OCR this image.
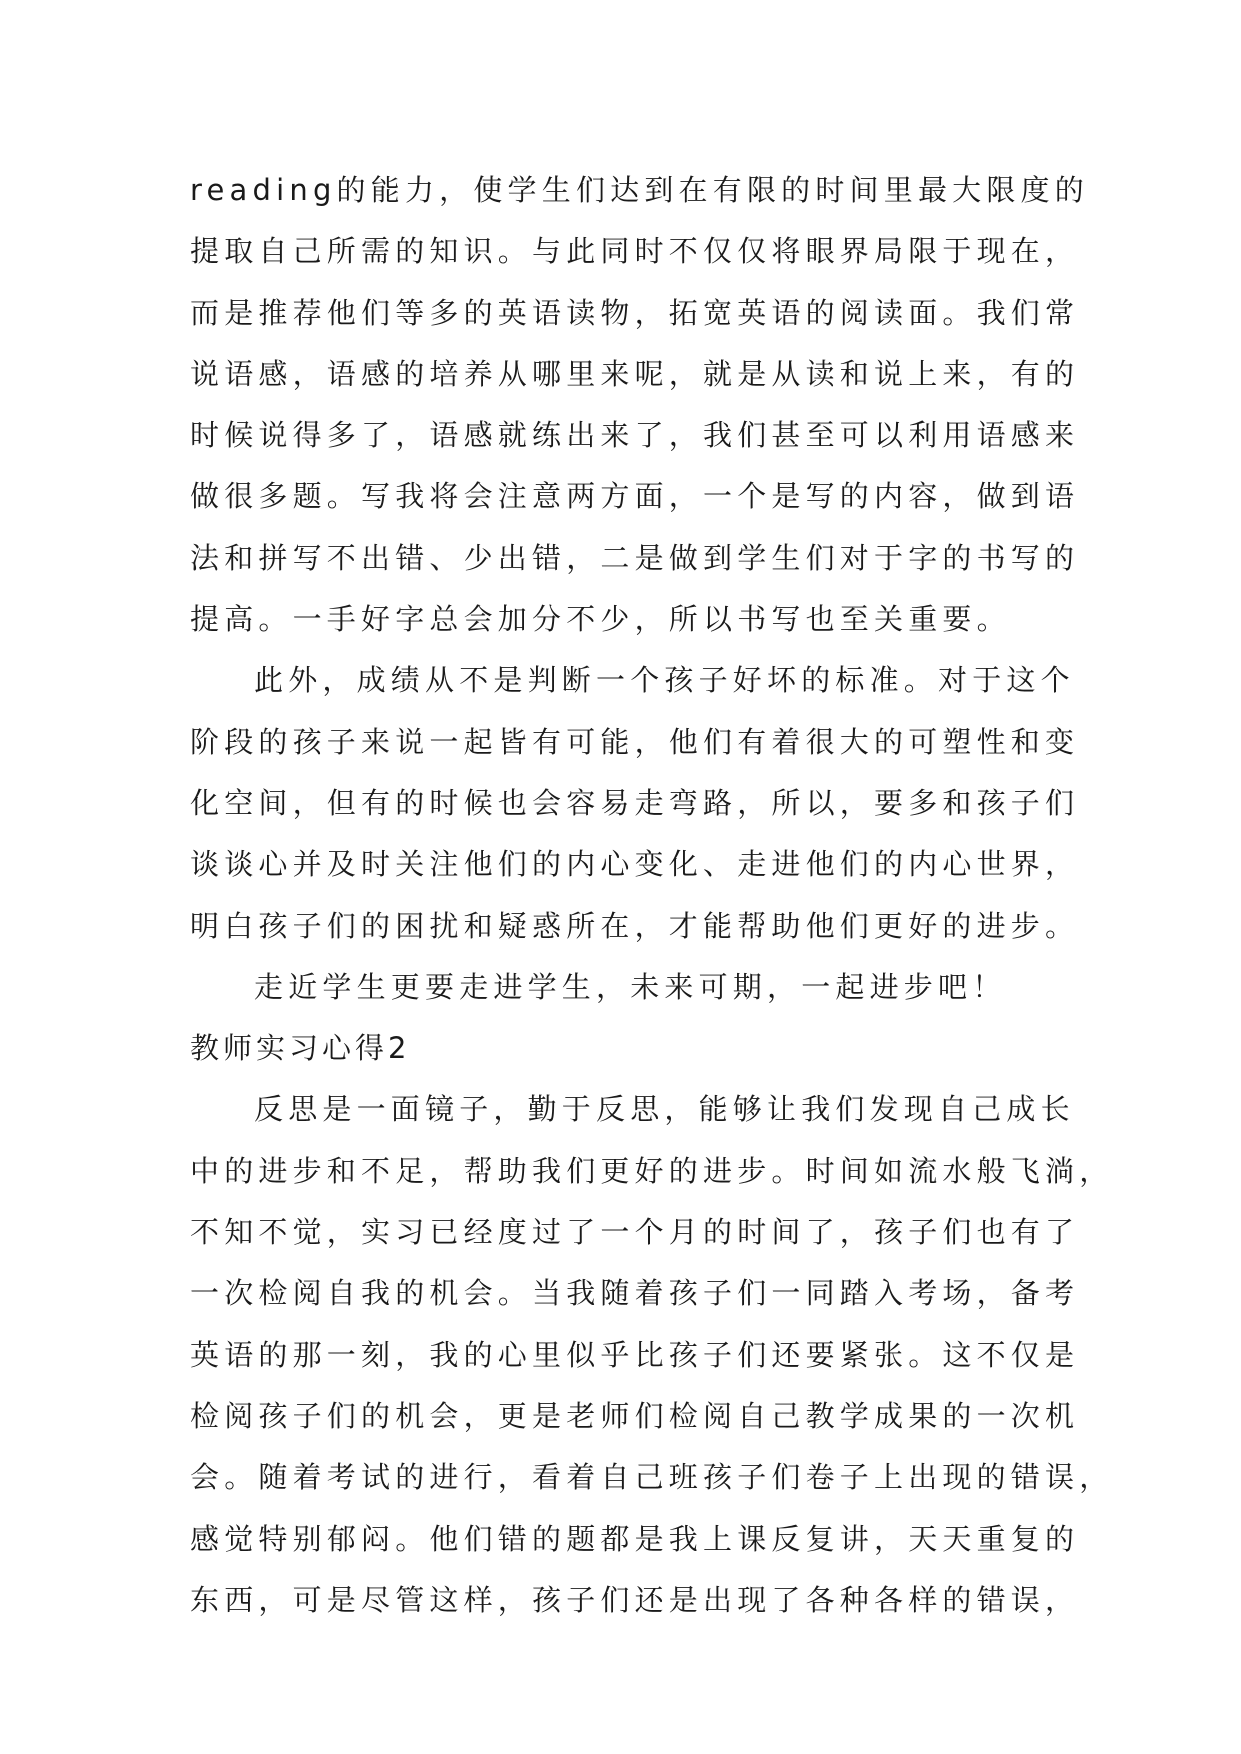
reading的能力，使学生们达到在有限的时间里最大限度的
提取自己所需的知识。与此同时不仅仅将眼界局限于现在，
而是推荐他们等多的英语读物，拓宽英语的阅读面。我们常
说语感，语感的培养从哪里来呢，就是从读和说上来，有的
时候说得多了，语感就练出来了，我们甚至可以利用语感来
做很多题。写我将会注意两方面，一个是写的内容，做到语
法和拼写不出错、少出错，二是做到学生们对于字的书写的
提高。一手好字总会加分不少，所以书写也至关重要。
此外，成绩从不是判断一个孩子好坏的标准。对于这个
阶段的孩子来说一起皆有可能，他们有着很大的可塑性和变
化空间，但有的时候也会容易走弯路，所以，要多和孩子们
谈谈心并及时关注他们的内心变化、走进他们的内心世界，
明白孩子们的困扰和疑惑所在，才能帮助他们更好的进步。
走近学生更要走进学生，未来可期，一起进步吧！
教师实习心得2
反思是一面镜子，勤于反思，能够让我们发现自己成长
中的进步和不足，帮助我们更好的进步。时间如流水般飞淌，
不知不觉，实习已经度过了一个月的时间了，孩子们也有了
一次检阅自我的机会。当我随着孩子们一同踏入考场，备考
英语的那一刻，我的心里似乎比孩子们还要紧张。这不仅是
检阅孩子们的机会，更是老师们检阅自己教学成果的一次机
会。随着考试的进行，看着自己班孩子们卷子上出现的错误，
感觉特别郁闷。他们错的题都是我上课反复讲，天天重复的
东西，可是尽管这样，孩子们还是出现了各种各样的错误，
